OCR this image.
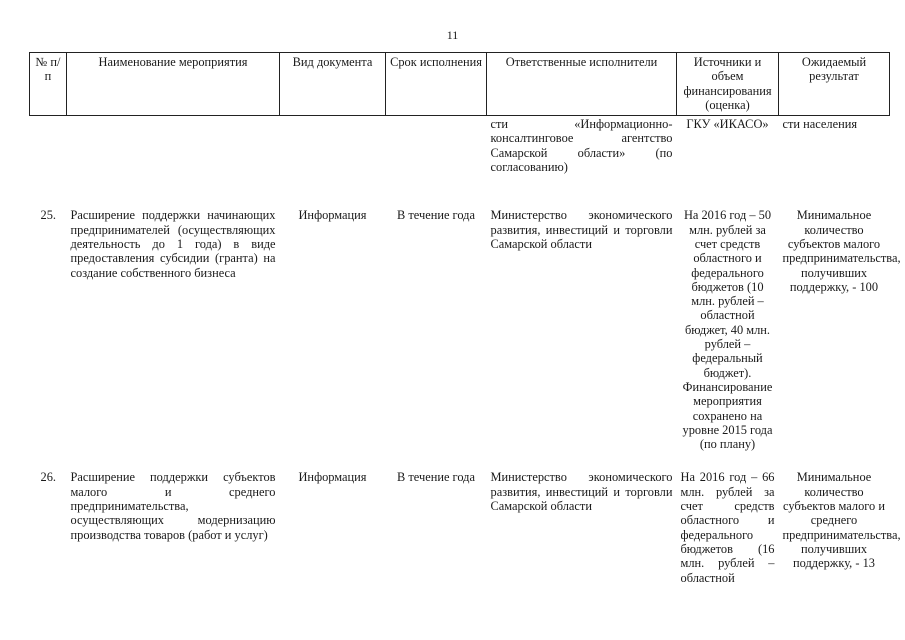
11
№ п/п	Наименование мероприятия	Вид документа	Срок исполнения	Ответственные исполнители	Источники и объем финансирования (оценка)	Ожидаемый результат
				сти «Информационно-консалтинговое агентство Самарской области» (по согласованию)	ГКУ «ИКАСО»	сти населения
25.	Расширение поддержки начинающих предпринимателей (осуществляющих деятельность до 1 года) в виде предоставления субсидии (гранта) на создание собственного бизнеса	Информация	В течение года	Министерство экономического развития, инвестиций и торговли Самарской области	На 2016 год – 50 млн. рублей за счет средств областного и федерального бюджетов (10 млн. рублей – областной бюджет, 40 млн. рублей – федеральный бюджет). Финансирование мероприятия сохранено на уровне 2015 года (по плану)	Минимальное количество субъектов малого предпринимательства, получивших поддержку, - 100
26.	Расширение поддержки субъектов малого и среднего предпринимательства, осуществляющих модернизацию производства товаров (работ и услуг)	Информация	В течение года	Министерство экономического развития, инвестиций и торговли Самарской области	На 2016 год – 66 млн. рублей за счет средств областного и федерального бюджетов (16 млн. рублей – областной	Минимальное количество субъектов малого и среднего предпринимательства, получивших поддержку, - 13
